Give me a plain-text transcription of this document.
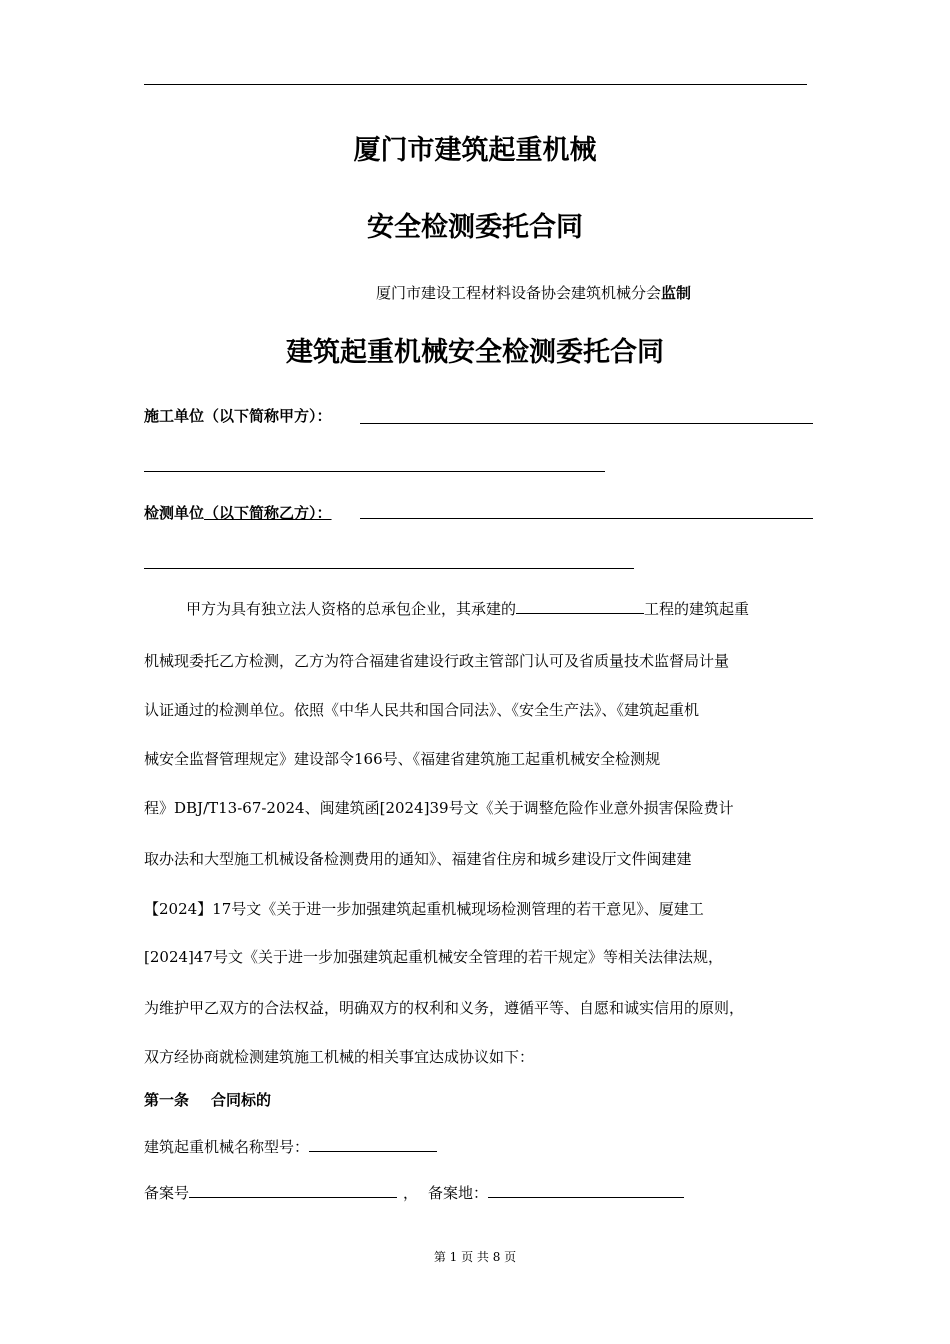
厦门市建筑起重机械
安全检测委托合同
厦门市建设工程材料设备协会建筑机械分会监制
建筑起重机械安全检测委托合同
施工单位（以下简称甲方）：
检测单位（以下简称乙方）：
甲方为具有独立法人资格的总承包企业，其承建的	工程的建筑起重
机械现委托乙方检测，乙方为符合福建省建设行政主管部门认可及省质量技术监督局计量
认证通过的检测单位。依照《中华人民共和国合同法》、《安全生产法》、《建筑起重机
械安全监督管理规定》建设部令166号、《福建省建筑施工起重机械安全检测规
程》DBJ/T13-67-2024、闽建筑函[2024]39号文《关于调整危险作业意外损害保险费计
取办法和大型施工机械设备检测费用的通知》、福建省住房和城乡建设厅文件闽建建
【2024】17号文《关于进一步加强建筑起重机械现场检测管理的若干意见》、厦建工
[2024]47号文《关于进一步加强建筑起重机械安全管理的若干规定》等相关法律法规，
为维护甲乙双方的合法权益，明确双方的权利和义务，遵循平等、自愿和诚实信用的原则，
双方经协商就检测建筑施工机械的相关事宜达成协议如下：
第一条 合同标的
建筑起重机械名称型号：
备案号	， 备案地：
第 1 页 共 8 页
